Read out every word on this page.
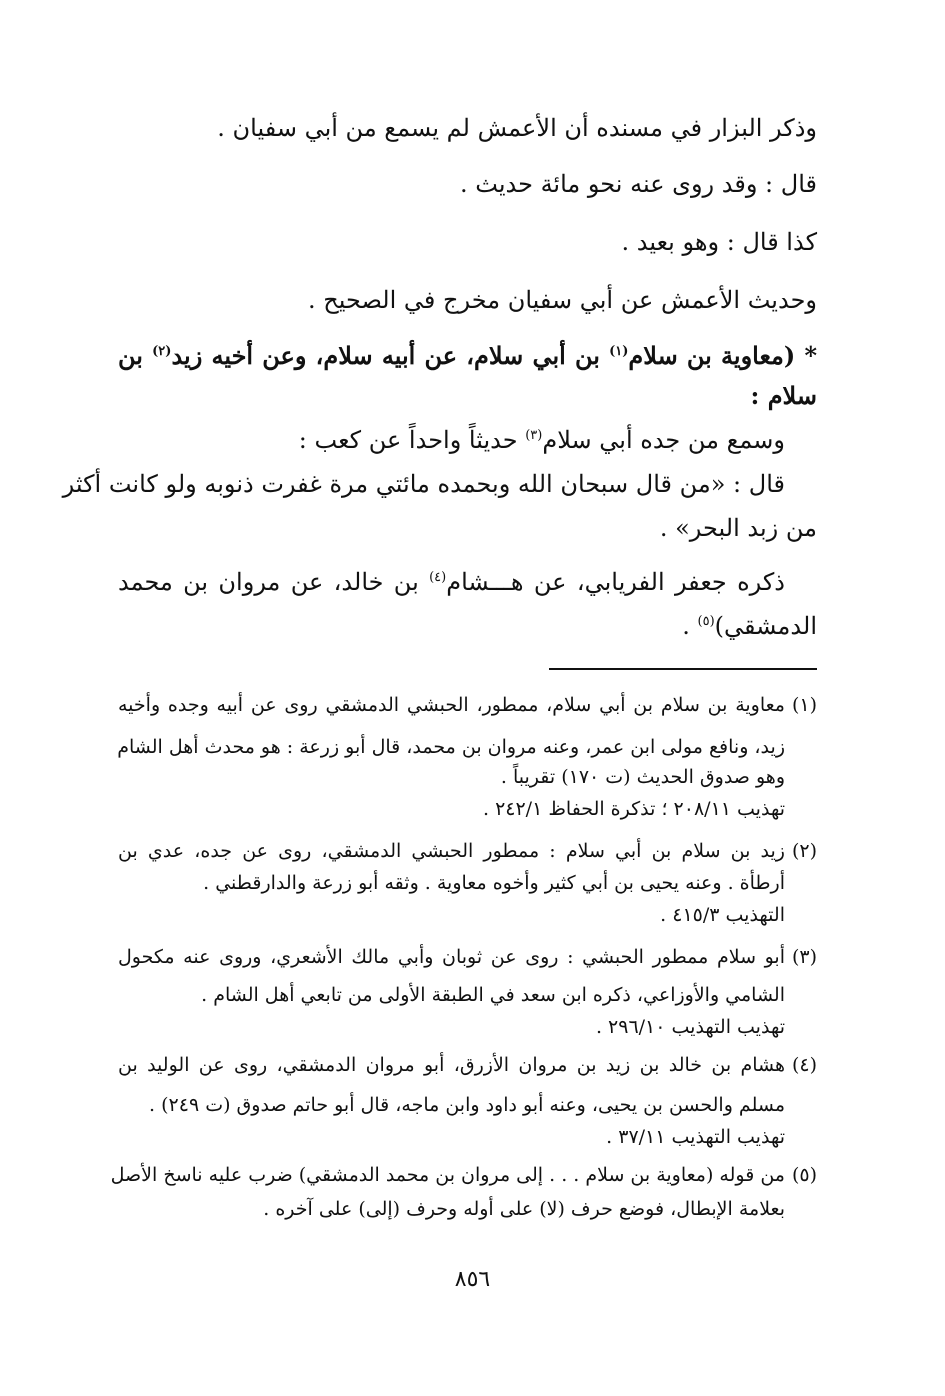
وذكر البزار في مسنده أن الأعمش لم يسمع من أبي سفيان .
قال : وقد روى عنه نحو مائة حديث .
كذا قال : وهو بعيد .
وحديث الأعمش عن أبي سفيان مخرج في الصحيح .
* (معاوية بن سلام$^{(١)}$ بن أبي سلام، عن أبيه سلام، وعن أخيه زيد$^{(٢)}$ بن
سلام :
وسمع من جده أبي سلام$^{(٣)}$ حديثاً واحداً عن كعب :
قال : «من قال سبحان الله وبحمده مائتي مرة غفرت ذنوبه ولو كانت أكثر
من زبد البحر» .
ذكره جعفر الفريابي، عن هـــشام$^{(٤)}$ بن خالد، عن مروان بن محمد
الدمشقي)$^{(٥)}$ .
(١)
معاوية بن سلام بن أبي سلام، ممطور، الحبشي الدمشقي روى عن أبيه وجده وأخيه
زيد، ونافع مولى ابن عمر، وعنه مروان بن محمد، قال أبو زرعة : هو محدث أهل الشام
وهو صدوق الحديث (ت ١٧٠) تقريباً .
تهذيب ٢٠٨/١١ ؛ تذكرة الحفاظ ٢٤٢/١ .
(٢)
زيد بن سلام بن أبي سلام : ممطور الحبشي الدمشقي، روى عن جده، عدي بن
أرطأة . وعنه يحيى بن أبي كثير وأخوه معاوية . وثقه أبو زرعة والدارقطني .
التهذيب ٤١٥/٣ .
(٣)
أبو سلام ممطور الحبشي : روى عن ثوبان وأبي مالك الأشعري، وروى عنه مكحول
الشامي والأوزاعي، ذكره ابن سعد في الطبقة الأولى من تابعي أهل الشام .
تهذيب التهذيب ٢٩٦/١٠ .
(٤)
هشام بن خالد بن زيد بن مروان الأزرق، أبو مروان الدمشقي، روى عن الوليد بن
مسلم والحسن بن يحيى، وعنه أبو داود وابن ماجه، قال أبو حاتم صدوق (ت ٢٤٩) .
تهذيب التهذيب ٣٧/١١ .
(٥)
من قوله (معاوية بن سلام . . . إلى مروان بن محمد الدمشقي) ضرب عليه ناسخ الأصل
بعلامة الإبطال، فوضع حرف (لا) على أوله وحرف (إلى) على آخره .
٨٥٦
